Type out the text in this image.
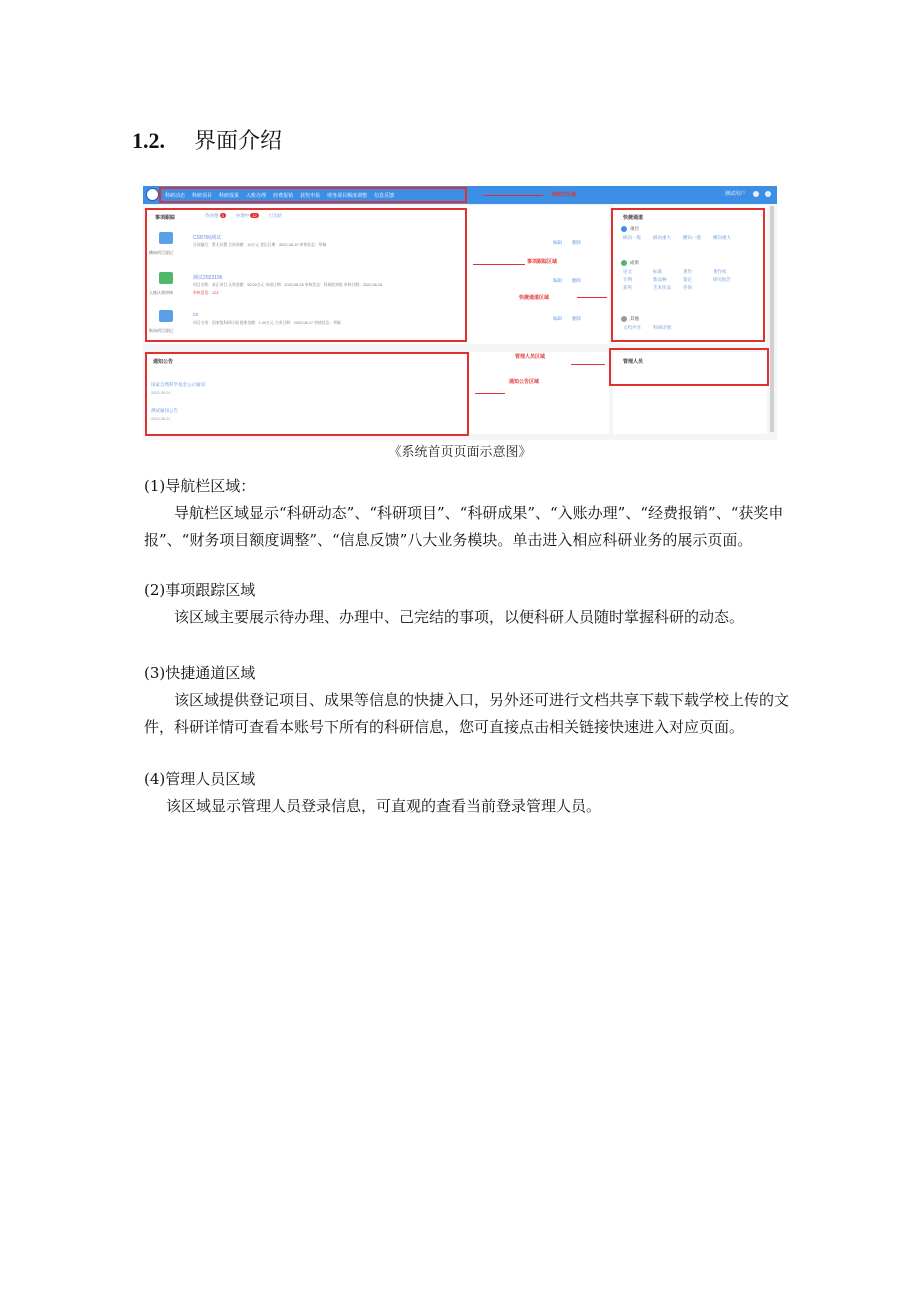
1.2.	界面介绍
科研动态 科研项目 科研成果 入账办理 经费报销 获奖申报 财务项目额度调整 信息反馈	导航栏区域	测试用户
事项跟踪	待办理 3	办理中 12	已完结
横向项目登记
CS8766测试
合同编号：暂无设置 合同金额：10万元 登记日期：2022-08-10 审核状态：草稿
入账认领审核
测试2023106
项目名称：真正项目 认领金额：50.00万元 申请日期：2022-08-26 审核状态：科研院审批 审核日期：2022-08-26
审核意见：123
纵向项目登记
cs
项目分类：国家级科研计划 批准金额：1.00万元 立项日期：2022-08-17 审核状态：草稿
编辑 删除
编辑 删除
编辑 删除
事项跟踪区域
快捷通道
项目
纵向一般	纵向重大	横向一般	横向重大
成果
论文	标准	著作	著作权
专利	新品种	鉴定	研究报告
获奖	艺术作品	咨询
其他
文档共享	科研详情
快捷通道区域
通知公告
国家自然科学基金公示通知
2023-09-01
测试通知公告
2023-08-21
通知公告区域
管理人员
管理人员区域
《系统首页页面示意图》
(1)导航栏区域：
导航栏区域显示“科研动态”、“科研项目”、“科研成果”、“入账办理”、“经费报销”、“获奖申报”、“财务项目额度调整”、“信息反馈”八大业务模块。单击进入相应科研业务的展示页面。
(2)事项跟踪区域
该区域主要展示待办理、办理中、己完结的事项，以便科研人员随时掌握科研的动态。
(3)快捷通道区域
该区域提供登记项目、成果等信息的快捷入口，另外还可进行文档共享下载下载学校上传的文件，科研详情可查看本账号下所有的科研信息，您可直接点击相关链接快速进入对应页面。
(4)管理人员区域
该区域显示管理人员登录信息，可直观的查看当前登录管理人员。
